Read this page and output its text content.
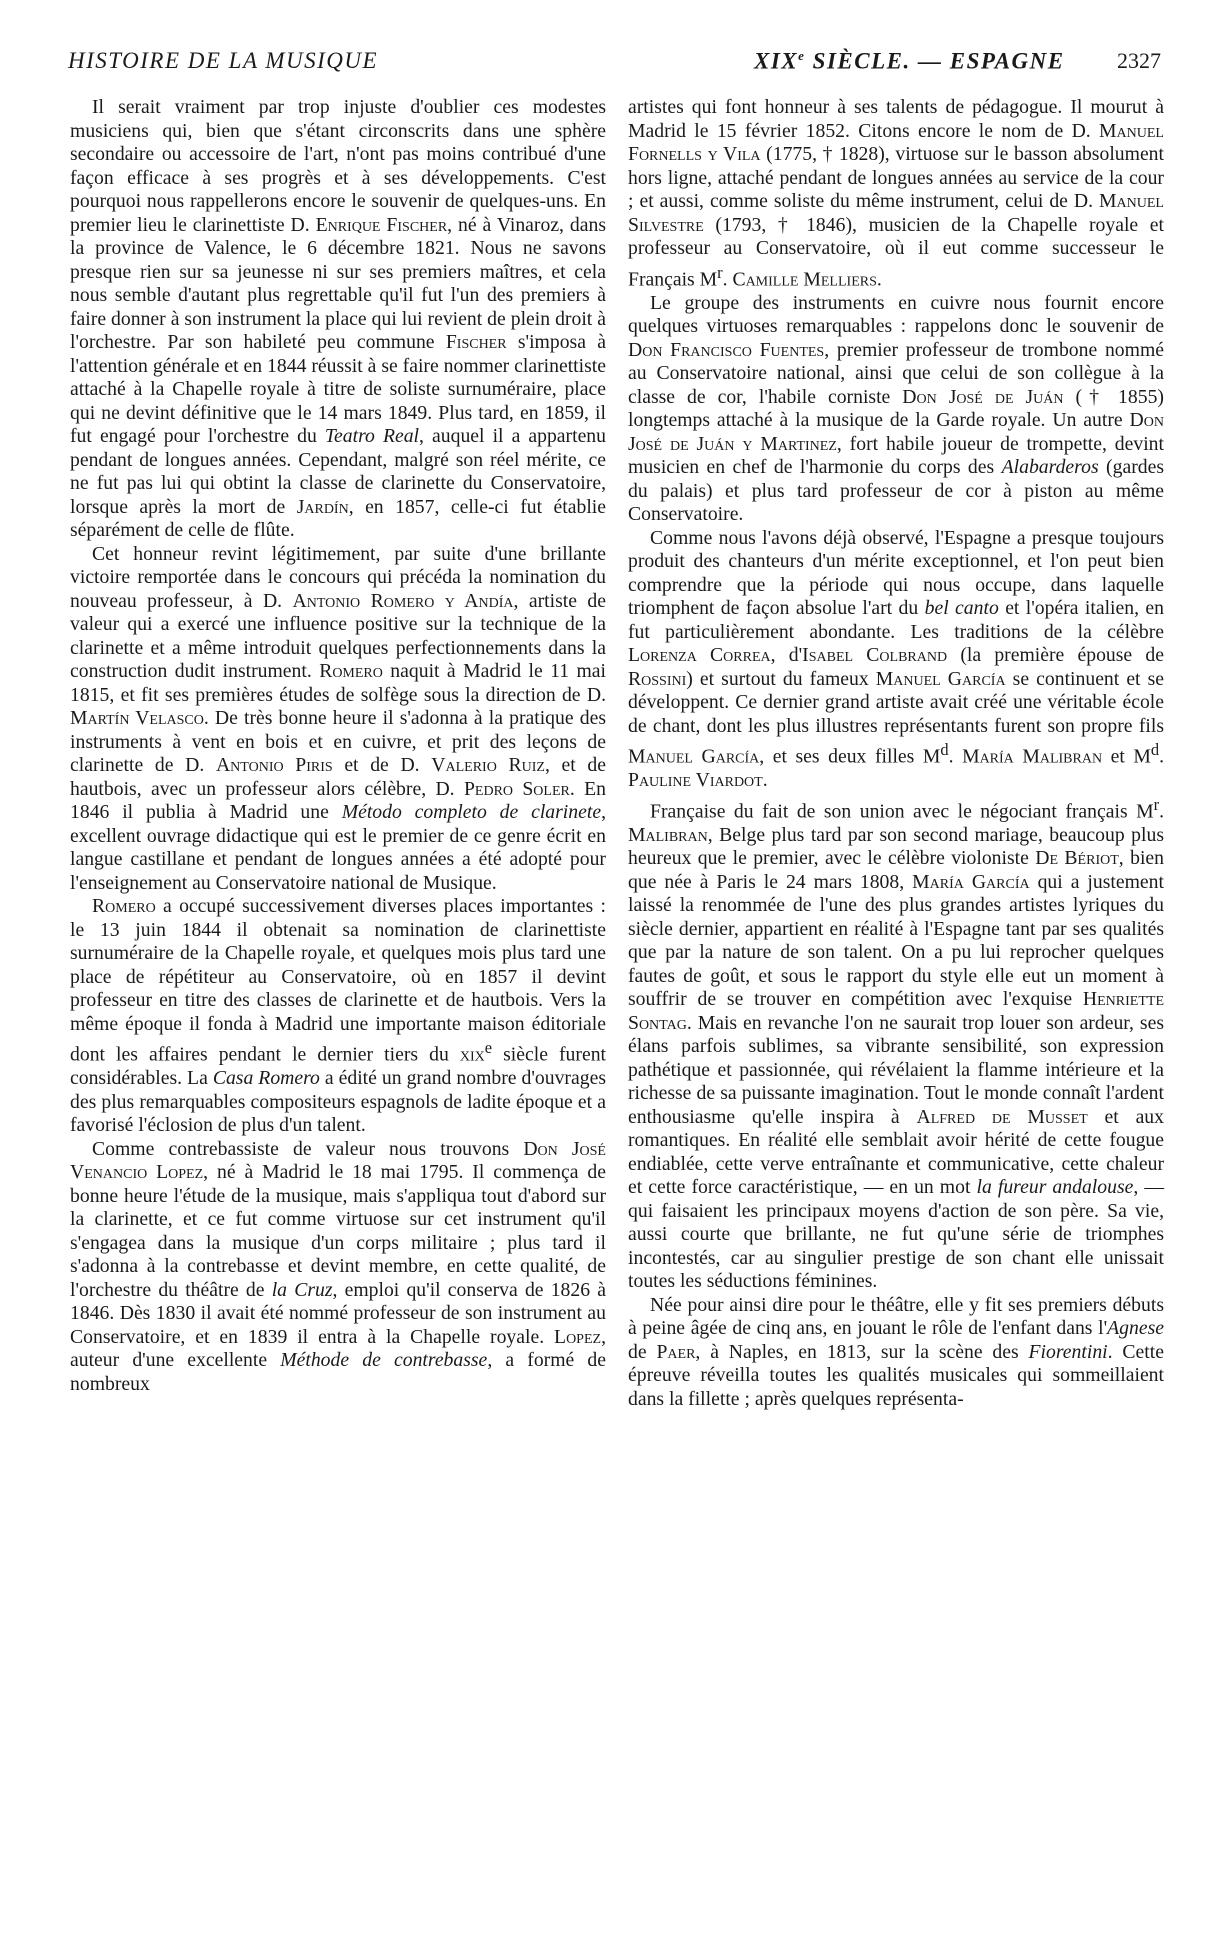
HISTOIRE DE LA MUSIQUE	XIXe SIÈCLE. — ESPAGNE 2327

Il serait vraiment par trop injuste d'oublier ces modestes musiciens qui, bien que s'étant circonscrits dans une sphère secondaire ou accessoire de l'art, n'ont pas moins contribué d'une façon efficace à ses progrès et à ses développements. C'est pourquoi nous rappellerons encore le souvenir de quelques-uns. En premier lieu le clarinettiste D. Enrique Fischer, né à Vinaroz, dans la province de Valence, le 6 décembre 1821. Nous ne savons presque rien sur sa jeunesse ni sur ses premiers maîtres, et cela nous semble d'autant plus regrettable qu'il fut l'un des premiers à faire donner à son instrument la place qui lui revient de plein droit à l'orchestre. Par son habileté peu commune Fischer s'imposa à l'attention générale et en 1844 réussit à se faire nommer clarinettiste attaché à la Chapelle royale à titre de soliste surnuméraire, place qui ne devint définitive que le 14 mars 1849. Plus tard, en 1859, il fut engagé pour l'orchestre du Teatro Real, auquel il a appartenu pendant de longues années. Cependant, malgré son réel mérite, ce ne fut pas lui qui obtint la classe de clarinette du Conservatoire, lorsque après la mort de Jardín, en 1857, celle-ci fut établie séparément de celle de flûte.

Cet honneur revint légitimement, par suite d'une brillante victoire remportée dans le concours qui précéda la nomination du nouveau professeur, à D. Antonio Romero y Andía, artiste de valeur qui a exercé une influence positive sur la technique de la clarinette et a même introduit quelques perfectionnements dans la construction dudit instrument. Romero naquit à Madrid le 11 mai 1815, et fit ses premières études de solfège sous la direction de D. Martín Velasco. De très bonne heure il s'adonna à la pratique des instruments à vent en bois et en cuivre, et prit des leçons de clarinette de D. Antonio Piris et de D. Valerio Ruiz, et de hautbois, avec un professeur alors célèbre, D. Pedro Soler. En 1846 il publia à Madrid une Método completo de clarinete, excellent ouvrage didactique qui est le premier de ce genre écrit en langue castillane et pendant de longues années a été adopté pour l'enseignement au Conservatoire national de Musique.

Romero a occupé successivement diverses places importantes : le 13 juin 1844 il obtenait sa nomination de clarinettiste surnuméraire de la Chapelle royale, et quelques mois plus tard une place de répétiteur au Conservatoire, où en 1857 il devint professeur en titre des classes de clarinette et de hautbois. Vers la même époque il fonda à Madrid une importante maison éditoriale dont les affaires pendant le dernier tiers du xix$^e$ siècle furent considérables. La Casa Romero a édité un grand nombre d'ouvrages des plus remarquables compositeurs espagnols de ladite époque et a favorisé l'éclosion de plus d'un talent.

Comme contrebassiste de valeur nous trouvons Don José Venancio Lopez, né à Madrid le 18 mai 1795. Il commença de bonne heure l'étude de la musique, mais s'appliqua tout d'abord sur la clarinette, et ce fut comme virtuose sur cet instrument qu'il s'engagea dans la musique d'un corps militaire ; plus tard il s'adonna à la contrebasse et devint membre, en cette qualité, de l'orchestre du théâtre de la Cruz, emploi qu'il conserva de 1826 à 1846. Dès 1830 il avait été nommé professeur de son instrument au Conservatoire, et en 1839 il entra à la Chapelle royale. Lopez, auteur d'une excellente Méthode de contrebasse, a formé de nombreux

artistes qui font honneur à ses talents de pédagogue. Il mourut à Madrid le 15 février 1852. Citons encore le nom de D. Manuel Fornells y Vila (1775, † 1828), virtuose sur le basson absolument hors ligne, attaché pendant de longues années au service de la cour ; et aussi, comme soliste du même instrument, celui de D. Manuel Silvestre (1793, † 1846), musicien de la Chapelle royale et professeur au Conservatoire, où il eut comme successeur le Français $M^r$. Camille Melliers.

Le groupe des instruments en cuivre nous fournit encore quelques virtuoses remarquables : rappelons donc le souvenir de Don Francisco Fuentes, premier professeur de trombone nommé au Conservatoire national, ainsi que celui de son collègue à la classe de cor, l'habile corniste Don José de Juán († 1855) longtemps attaché à la musique de la Garde royale. Un autre Don José de Juán y Martinez, fort habile joueur de trompette, devint musicien en chef de l'harmonie du corps des Alabarderos (gardes du palais) et plus tard professeur de cor à piston au même Conservatoire.

Comme nous l'avons déjà observé, l'Espagne a presque toujours produit des chanteurs d'un mérite exceptionnel, et l'on peut bien comprendre que la période qui nous occupe, dans laquelle triomphent de façon absolue l'art du bel canto et l'opéra italien, en fut particulièrement abondante. Les traditions de la célèbre Lorenza Correa, d'Isabel Colbrand (la première épouse de Rossini) et surtout du fameux Manuel García se continuent et se développent. Ce dernier grand artiste avait créé une véritable école de chant, dont les plus illustres représentants furent son propre fils Manuel García, et ses deux filles $M^d$. María Malibran et $M^d$. Pauline Viardot.

Française du fait de son union avec le négociant français $M^r$. Malibran, Belge plus tard par son second mariage, beaucoup plus heureux que le premier, avec le célèbre violoniste De Bériot, bien que née à Paris le 24 mars 1808, María García qui a justement laissé la renommée de l'une des plus grandes artistes lyriques du siècle dernier, appartient en réalité à l'Espagne tant par ses qualités que par la nature de son talent. On a pu lui reprocher quelques fautes de goût, et sous le rapport du style elle eut un moment à souffrir de se trouver en compétition avec l'exquise Henriette Sontag. Mais en revanche l'on ne saurait trop louer son ardeur, ses élans parfois sublimes, sa vibrante sensibilité, son expression pathétique et passionnée, qui révélaient la flamme intérieure et la richesse de sa puissante imagination. Tout le monde connaît l'ardent enthousiasme qu'elle inspira à Alfred de Musset et aux romantiques. En réalité elle semblait avoir hérité de cette fougue endiablée, cette verve entraînante et communicative, cette chaleur et cette force caractéristique, — en un mot la fureur andalouse, — qui faisaient les principaux moyens d'action de son père. Sa vie, aussi courte que brillante, ne fut qu'une série de triomphes incontestés, car au singulier prestige de son chant elle unissait toutes les séductions féminines.

Née pour ainsi dire pour le théâtre, elle y fit ses premiers débuts à peine âgée de cinq ans, en jouant le rôle de l'enfant dans l'Agnese de Paer, à Naples, en 1813, sur la scène des Fiorentini. Cette épreuve réveilla toutes les qualités musicales qui sommeillaient dans la fillette ; après quelques représenta-
